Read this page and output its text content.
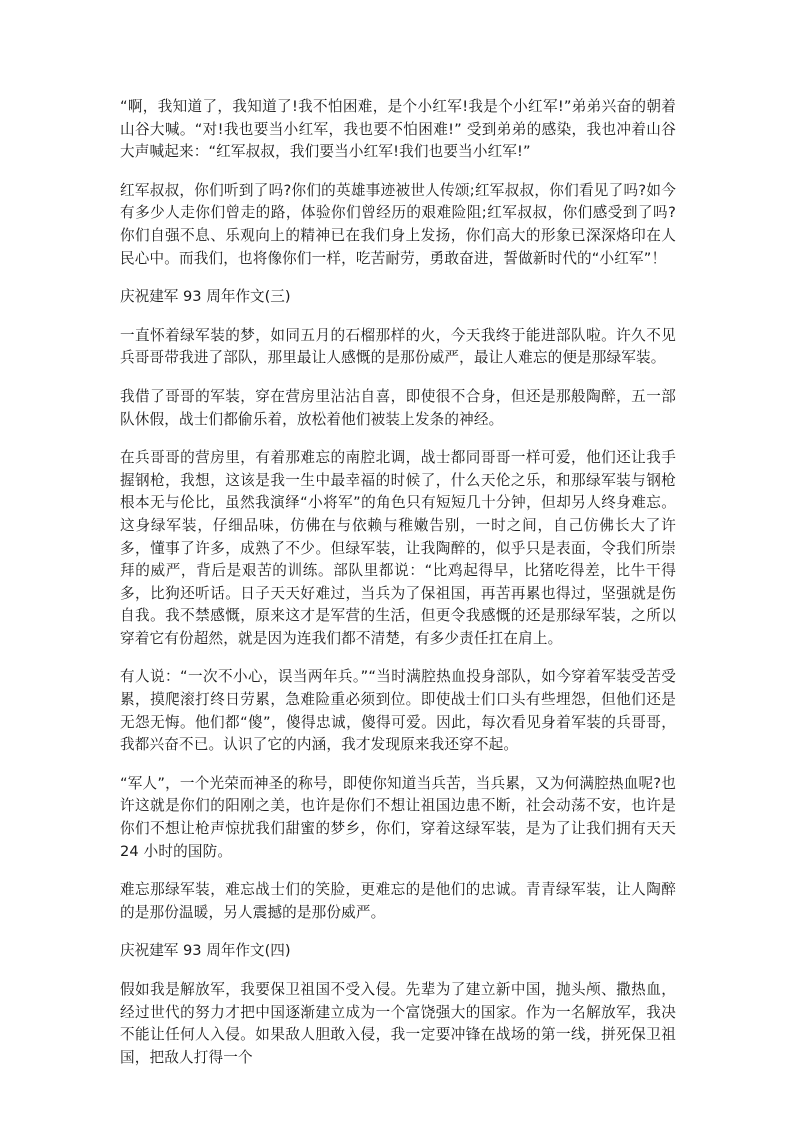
“啊，我知道了，我知道了!我不怕困难，是个小红军!我是个小红军!”弟弟兴奋的朝着山谷大喊。“对!我也要当小红军，我也要不怕困难!” 受到弟弟的感染，我也冲着山谷大声喊起来：“红军叔叔，我们要当小红军!我们也要当小红军!”

红军叔叔，你们听到了吗?你们的英雄事迹被世人传颂;红军叔叔，你们看见了吗?如今有多少人走你们曾走的路，体验你们曾经历的艰难险阻;红军叔叔，你们感受到了吗?你们自强不息、乐观向上的精神已在我们身上发扬，你们高大的形象已深深烙印在人民心中。而我们，也将像你们一样，吃苦耐劳，勇敢奋进，誓做新时代的“小红军”！

庆祝建军 93 周年作文(三)

一直怀着绿军装的梦，如同五月的石榴那样的火，今天我终于能进部队啦。许久不见兵哥哥带我进了部队，那里最让人感慨的是那份威严，最让人难忘的便是那绿军装。

我借了哥哥的军装，穿在营房里沾沾自喜，即使很不合身，但还是那般陶醉，五一部队休假，战士们都偷乐着，放松着他们被装上发条的神经。

在兵哥哥的营房里，有着那难忘的南腔北调，战士都同哥哥一样可爱，他们还让我手握钢枪，我想，这该是我一生中最幸福的时候了，什么天伦之乐，和那绿军装与钢枪根本无与伦比，虽然我演绎“小将军”的角色只有短短几十分钟，但却另人终身难忘。这身绿军装，仔细品味，仿佛在与依赖与稚嫩告别，一时之间，自己仿佛长大了许多，懂事了许多，成熟了不少。但绿军装，让我陶醉的，似乎只是表面，令我们所崇拜的威严，背后是艰苦的训练。部队里都说：“比鸡起得早，比猪吃得差，比牛干得多，比狗还听话。日子天天好难过，当兵为了保祖国，再苦再累也得过，坚强就是伤自我。我不禁感慨，原来这才是军营的生活，但更令我感慨的还是那绿军装，之所以穿着它有份超然，就是因为连我们都不清楚，有多少责任扛在肩上。

有人说：“一次不小心，误当两年兵。”“当时满腔热血投身部队，如今穿着军装受苦受累，摸爬滚打终日劳累，急难险重必须到位。即使战士们口头有些埋怨，但他们还是无怨无悔。他们都“傻”，傻得忠诚，傻得可爱。因此，每次看见身着军装的兵哥哥，我都兴奋不已。认识了它的内涵，我才发现原来我还穿不起。

“军人”，一个光荣而神圣的称号，即使你知道当兵苦，当兵累，又为何满腔热血呢?也许这就是你们的阳刚之美，也许是你们不想让祖国边患不断，社会动荡不安，也许是你们不想让枪声惊扰我们甜蜜的梦乡，你们，穿着这绿军装，是为了让我们拥有天天 24 小时的国防。

难忘那绿军装，难忘战士们的笑脸，更难忘的是他们的忠诚。青青绿军装，让人陶醉的是那份温暖，另人震撼的是那份威严。

庆祝建军 93 周年作文(四)

假如我是解放军，我要保卫祖国不受入侵。先辈为了建立新中国，抛头颅、撒热血，经过世代的努力才把中国逐渐建立成为一个富饶强大的国家。作为一名解放军，我决不能让任何人入侵。如果敌人胆敢入侵，我一定要冲锋在战场的第一线，拼死保卫祖国，把敌人打得一个
